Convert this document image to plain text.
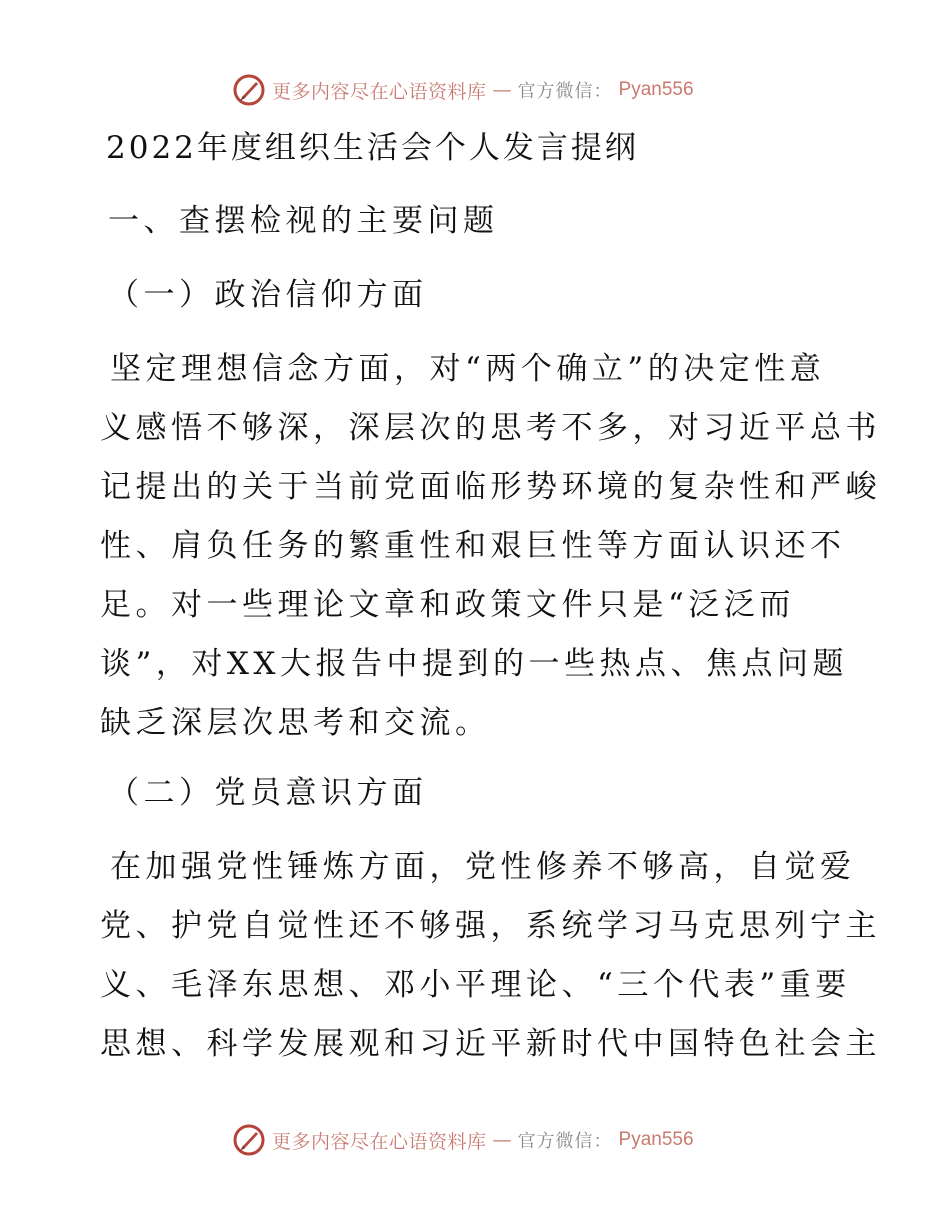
更多内容尽在心语资料库 — 官方微信： Pyan556
2022年度组织生活会个人发言提纲
一、查摆检视的主要问题
（一）政治信仰方面
坚定理想信念方面，对“两个确立”的决定性意
义感悟不够深，深层次的思考不多，对习近平总书
记提出的关于当前党面临形势环境的复杂性和严峻
性、肩负任务的繁重性和艰巨性等方面认识还不
足。对一些理论文章和政策文件只是“泛泛而
谈”，对XX大报告中提到的一些热点、焦点问题
缺乏深层次思考和交流。
（二）党员意识方面
在加强党性锤炼方面，党性修养不够高，自觉爱
党、护党自觉性还不够强，系统学习马克思列宁主
义、毛泽东思想、邓小平理论、“三个代表”重要
思想、科学发展观和习近平新时代中国特色社会主
更多内容尽在心语资料库 — 官方微信： Pyan556
